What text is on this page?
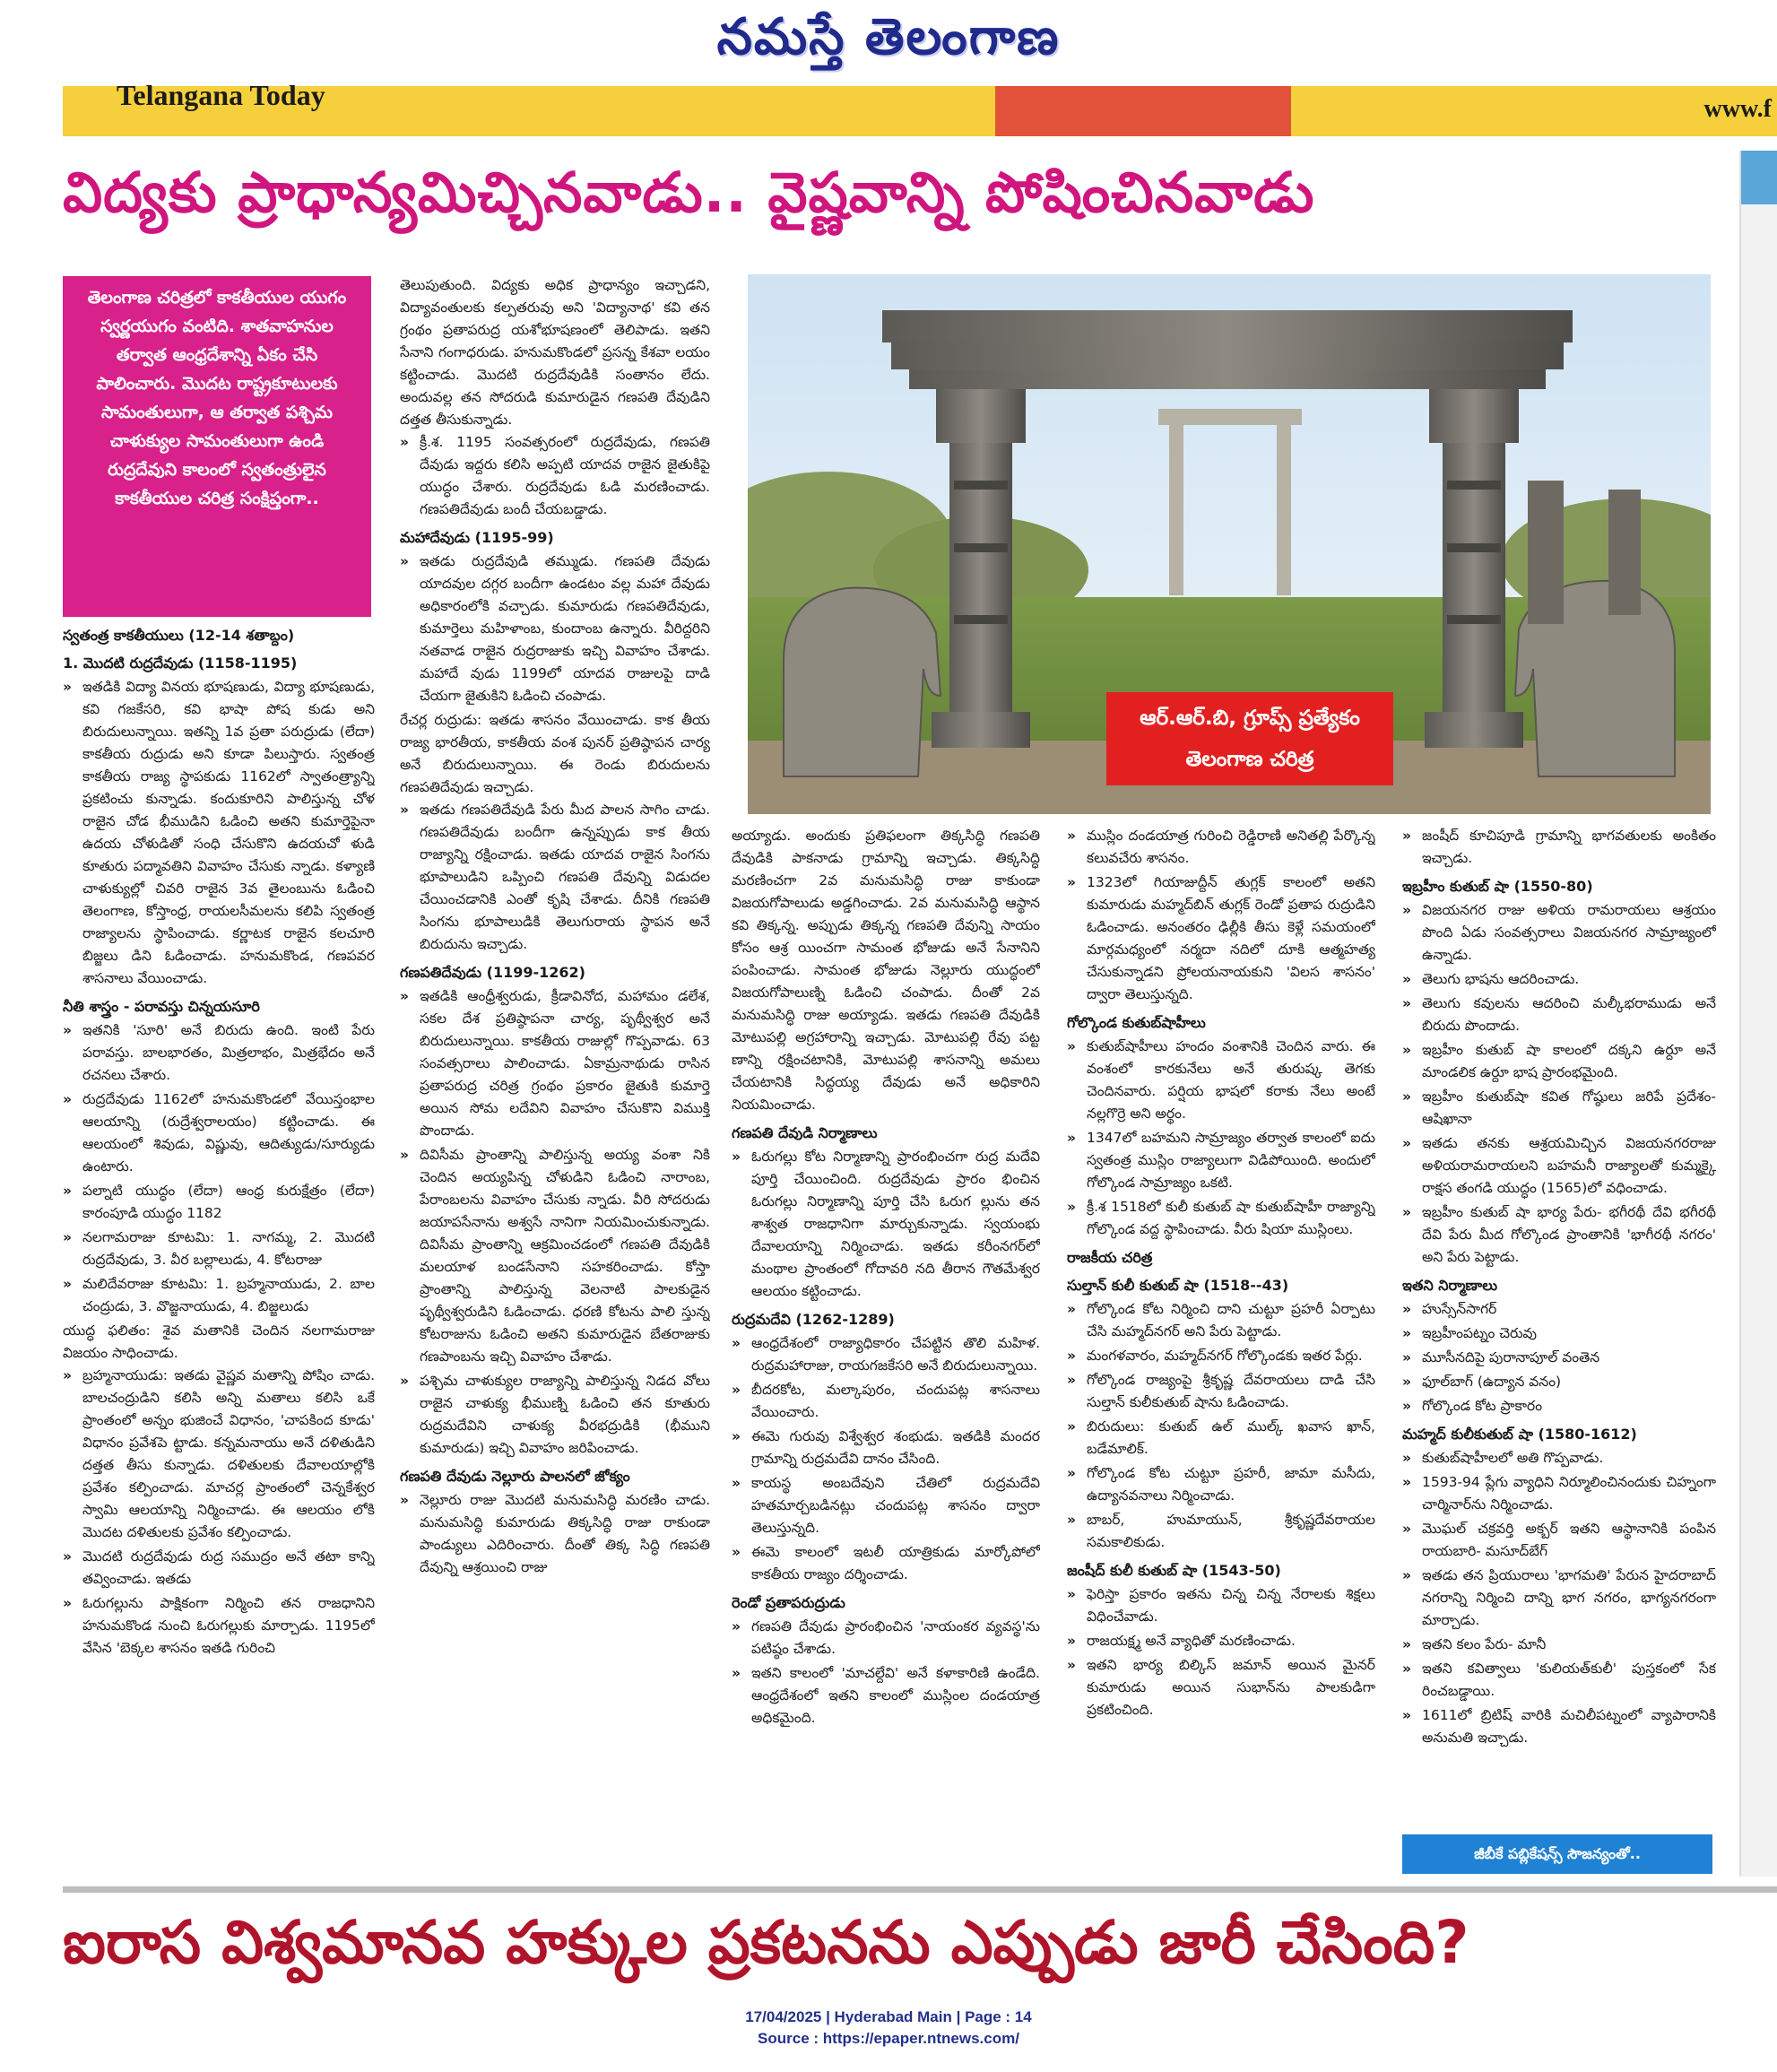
నమస్తే తెలంగాణ
Telangana Today	www.f
విద్యకు ప్రాధాన్యమిచ్చినవాడు.. వైష్ణవాన్ని పోషించినవాడు
తెలంగాణ చరిత్రలో కాకతీయుల యుగం స్వర్ణయుగం వంటిది. శాతవాహనుల తర్వాత ఆంధ్రదేశాన్ని ఏకం చేసి పాలించారు. మొదట రాష్ట్రకూటులకు సామంతులుగా, ఆ తర్వాత పశ్చిమ చాళుక్యుల సామంతులుగా ఉండి రుద్రదేవుని కాలంలో స్వతంత్రులైన కాకతీయుల చరిత్ర సంక్షిప్తంగా..
స్వతంత్ర కాకతీయులు (12-14 శతాబ్దం)
1. మొదటి రుద్రదేవుడు (1158-1195)
» ఇతడికి విద్యా వినయ భూషణుడు, విద్యా భూషణుడు, కవి గజకేసరి, కవి భాషా పోష కుడు అని బిరుదులున్నాయి. ఇతన్ని 1వ ప్రతా పరుద్రుడు (లేదా) కాకతీయ రుద్రుడు అని కూడా పిలుస్తారు. స్వతంత్ర కాకతీయ రాజ్య స్థాపకుడు 1162లో స్వాతంత్ర్యాన్ని ప్రకటించు కున్నాడు. కందుకూరిని పాలిస్తున్న చోళ రాజైన చోడ భీముడిని ఓడించి అతని కుమార్తెపైనా ఉదయ చోళుడితో సంధి చేసుకొని ఉదయచో ళుడి కూతురు పద్మావతిని వివాహం చేసుకు న్నాడు. కళ్యాణి చాళుక్యుల్లో చివరి రాజైన 3వ తైలంబును ఓడించి తెలంగాణ, కోస్తాంధ్ర, రాయలసీమలను కలిపి స్వతంత్ర రాజ్యాలను స్థాపించాడు. కర్ణాటక రాజైన కలచూరి బిజ్జలు డిని ఓడించాడు. హనుమకొండ, గణపవర శాసనాలు వేయించాడు.
నీతి శాస్త్రం - పరావస్తు చిన్నయసూరి
» ఇతనికి 'సూరి' అనే బిరుదు ఉంది. ఇంటి పేరు పరావస్తు. బాలభారతం, మిత్రలాభం, మిత్రభేదం అనే రచనలు చేశారు.
» రుద్రదేవుడు 1162లో హనుమకొండలో వేయిస్తంభాల ఆలయాన్ని (రుద్రేశ్వరాలయం) కట్టించాడు. ఈ ఆలయంలో శివుడు, విష్ణువు, ఆదిత్యుడు/సూర్యుడు ఉంటారు.
» పల్నాటి యుద్ధం (లేదా) ఆంధ్ర కురుక్షేత్రం (లేదా) కారంపూడి యుద్ధం 1182
» నలగామరాజు కూటమి: 1. నాగమ్మ, 2. మొదటి రుద్రదేవుడు, 3. వీర బల్లాలుడు, 4. కోటరాజు
» మలిదేవరాజు కూటమి: 1. బ్రహ్మనాయుడు, 2. బాల చంద్రుడు, 3. వొజ్జనాయుడు, 4. బిజ్జలుడు
యుద్ధ ఫలితం: శైవ మతానికి చెందిన నలగామరాజు విజయం సాధించాడు.
» బ్రహ్మనాయుడు: ఇతడు వైష్ణవ మతాన్ని పోషిం చాడు. బాలచంద్రుడిని కలిసి అన్ని మతాలు కలిసి ఒకే ప్రాంతంలో అన్నం భుజించే విధానం, 'చాపకింద కూడు' విధానం ప్రవేశపె ట్టాడు. కన్నమనాయు అనే దళితుడిని దత్తత తీసు కున్నాడు. దళితులకు దేవాలయాల్లోకి ప్రవేశం కల్పించాడు. మాచర్ల ప్రాంతంలో చెన్నకేశ్వర స్వామి ఆలయాన్ని నిర్మించాడు. ఈ ఆలయం లోకి మొదట దళితులకు ప్రవేశం కల్పించాడు.
» మొదటి రుద్రదేవుడు రుద్ర సముద్రం అనే తటా కాన్ని తవ్వించాడు. ఇతడు
» ఓరుగల్లును పాక్షికంగా నిర్మించి తన రాజధానిని హనుమకొండ నుంచి ఓరుగల్లుకు మార్చాడు. 1195లో వేసిన 'బెక్కల శాసనం ఇతడి గురించి
తెలుపుతుంది. విద్యకు అధిక ప్రాధాన్యం ఇచ్చాడని, విద్యావంతులకు కల్పతరువు అని 'విద్యానాథ' కవి తన గ్రంథం ప్రతాపరుద్ర యశోభూషణంలో తెలిపాడు. ఇతని సేనాని గంగాధరుడు. హనుమకొండలో ప్రసన్న కేశవా లయం కట్టించాడు. మొదటి రుద్రదేవుడికి సంతానం లేదు. అందువల్ల తన సోదరుడి కుమారుడైన గణపతి దేవుడిని దత్తత తీసుకున్నాడు.
» క్రీ.శ. 1195 సంవత్సరంలో రుద్రదేవుడు, గణపతి దేవుడు ఇద్దరు కలిసి అప్పటి యాదవ రాజైన జైతుకిపై యుద్ధం చేశారు. రుద్రదేవుడు ఓడి మరణించాడు. గణపతిదేవుడు బందీ చేయబడ్డాడు.
మహాదేవుడు (1195-99)
» ఇతడు రుద్రదేవుడి తమ్ముడు. గణపతి దేవుడు యాదవుల దగ్గర బందీగా ఉండటం వల్ల మహా దేవుడు అధికారంలోకి వచ్చాడు. కుమారుడు గణపతిదేవుడు, కుమార్తెలు మహిళాంబ, కుందాంబ ఉన్నారు. వీరిద్దరిని నతవాడ రాజైన రుద్రరాజుకు ఇచ్చి వివాహం చేశాడు. మహాదే వుడు 1199లో యాదవ రాజులపై దాడి చేయగా జైతుకిని ఓడించి చంపాడు.
రేచర్ల రుద్రుడు: ఇతడు శాసనం వేయించాడు. కాక తీయ రాజ్య భారతీయ, కాకతీయ వంశ పునర్ ప్రతిష్ఠాపన చార్య అనే బిరుదులున్నాయి. ఈ రెండు బిరుదులను గణపతిదేవుడు ఇచ్చాడు.
» ఇతడు గణపతిదేవుడి పేరు మీద పాలన సాగిం చాడు. గణపతిదేవుడు బందీగా ఉన్నప్పుడు కాక తీయ రాజ్యాన్ని రక్షించాడు. ఇతడు యాదవ రాజైన సింగను భూపాలుడిని ఒప్పించి గణపతి దేవున్ని విడుదల చేయించడానికి ఎంతో కృషి చేశాడు. దీనికి గణపతి సింగను భూపాలుడికి తెలుగురాయ స్థాపన అనే బిరుదును ఇచ్చాడు.
గణపతిదేవుడు (1199-1262)
» ఇతడికి ఆంధ్రీశ్వరుడు, క్రీడావినోద, మహామం డలేశ, సకల దేశ ప్రతిష్ఠాపనా చార్య, పృథ్వీశ్వర అనే బిరుదులున్నాయి. కాకతీయ రాజుల్లో గొప్పవాడు. 63 సంవత్సరాలు పాలించాడు. ఏకామ్రనాథుడు రాసిన ప్రతాపరుద్ర చరిత్ర గ్రంథం ప్రకారం జైతుకి కుమార్తె అయిన సోమ లదేవిని వివాహం చేసుకొని విముక్తి పొందాడు.
» దివిసీమ ప్రాంతాన్ని పాలిస్తున్న అయ్య వంశా నికి చెందిన అయ్యపిన్న చోళుడిని ఓడించి నారాంబ, పేరాంబలను వివాహం చేసుకు న్నాడు. వీరి సోదరుడు జయాపసేనాను అశ్వసే నానిగా నియమించుకున్నాడు. దివిసీమ ప్రాంతాన్ని ఆక్రమించడంలో గణపతి దేవుడికి మలయాళ బండసేనాని సహకరించాడు. కోస్తా ప్రాంతాన్ని పాలిస్తున్న వెలనాటి పాలకుడైన పృథ్వీశ్వరుడిని ఓడించాడు. ధరణి కోటను పాలి స్తున్న కోటరాజును ఓడించి అతని కుమారుడైన బేతరాజుకు గణపాంబను ఇచ్చి వివాహం చేశాడు.
» పశ్చిమ చాళుక్యుల రాజ్యాన్ని పాలిస్తున్న నిడద వోలు రాజైన చాళుక్య భీముణ్ని ఓడించి తన కూతురు రుద్రమదేవిని చాళుక్య వీరభద్రుడికి (భీముని కుమారుడు) ఇచ్చి వివాహం జరిపించాడు.
గణపతి దేవుడు నెల్లూరు పాలనలో జోక్యం
» నెల్లూరు రాజు మొదటి మనుమసిద్ధి మరణిం చాడు. మనుమసిద్ధి కుమారుడు తిక్కసిద్ధి రాజు రాకుండా పాండ్యులు ఎదిరించారు. దీంతో తిక్క సిద్ధి గణపతి దేవున్ని ఆశ్రయించి రాజు
ఆర్.ఆర్.బి, గ్రూప్స్ ప్రత్యేకం
తెలంగాణ చరిత్ర
అయ్యాడు. అందుకు ప్రతిఫలంగా తిక్కసిద్ధి గణపతి దేవుడికి పాకనాడు గ్రామాన్ని ఇచ్చాడు. తిక్కసిద్ధి మరణించగా 2వ మనుమసిద్ధి రాజు కాకుండా విజయగోపాలుడు అడ్డగించాడు. 2వ మనుమసిద్ధి ఆస్థాన కవి తిక్కన్న. అప్పుడు తిక్కన్న గణపతి దేవున్ని సాయం కోసం ఆశ్ర యించగా సామంత భోజుడు అనే సేనానిని పంపించాడు. సామంత భోజుడు నెల్లూరు యుద్ధంలో విజయగోపాలుణ్ని ఓడించి చంపాడు. దీంతో 2వ మనుమసిద్ధి రాజు అయ్యాడు. ఇతడు గణపతి దేవుడికి మోటుపల్లి అగ్రహారాన్ని ఇచ్చాడు. మోటుపల్లి రేవు పట్ట ణాన్ని రక్షించటానికి, మోటుపల్లి శాసనాన్ని అమలు చేయటానికి సిద్ధయ్య దేవుడు అనే అధికారిని నియమించాడు.
గణపతి దేవుడి నిర్మాణాలు
» ఓరుగల్లు కోట నిర్మాణాన్ని ప్రారంభించగా రుద్ర మదేవి పూర్తి చేయించింది. రుద్రదేవుడు ప్రారం భించిన ఓరుగల్లు నిర్మాణాన్ని పూర్తి చేసి ఓరుగ ల్లును తన శాశ్వత రాజధానిగా మార్చుకున్నాడు. స్వయంభు దేవాలయాన్ని నిర్మించాడు. ఇతడు కరీంనగర్‌లో మంథాల ప్రాంతంలో గోదావరి నది తీరాన గౌతమేశ్వర ఆలయం కట్టించాడు.
రుద్రమదేవి (1262-1289)
» ఆంధ్రదేశంలో రాజ్యాధికారం చేపట్టిన తొలి మహిళ. రుద్రమహారాజు, రాయగజకేసరి అనే బిరుదులున్నాయి.
» బీదరకోట, మల్కాపురం, చందుపట్ల శాసనాలు వేయించారు.
» ఈమె గురువు విశ్వేశ్వర శంభుడు. ఇతడికి మందర గ్రామాన్ని రుద్రమదేవి దానం చేసింది.
» కాయస్థ అంబదేవుని చేతిలో రుద్రమదేవి హతమార్చబడినట్లు చందుపట్ల శాసనం ద్వారా తెలుస్తున్నది.
» ఈమె కాలంలో ఇటలీ యాత్రికుడు మార్కోపోలో కాకతీయ రాజ్యం దర్శించాడు.
రెండో ప్రతాపరుద్రుడు
» గణపతి దేవుడు ప్రారంభించిన 'నాయంకర వ్యవస్థ'ను పటిష్ఠం చేశాడు.
» ఇతని కాలంలో 'మాచల్దేవి' అనే కళాకారిణి ఉండేది. ఆంధ్రదేశంలో ఇతని కాలంలో ముస్లింల దండయాత్ర అధికమైంది.
» ముస్లిం దండయాత్ర గురించి రెడ్డిరాణి అనితల్లి పేర్కొన్న కలువచేరు శాసనం.
» 1323లో గియాజుద్దీన్ తుగ్లక్ కాలంలో అతని కుమారుడు మహ్మద్‌బిన్ తుగ్లక్ రెండో ప్రతాప రుద్రుడిని ఓడించాడు. అనంతరం ఢిల్లీకి తీసు కెళ్లే సమయంలో మార్గమధ్యంలో నర్మదా నదిలో దూకి ఆత్మహత్య చేసుకున్నాడని ప్రోలయనాయకుని 'విలస శాసనం' ద్వారా తెలుస్తున్నది.
గోల్కొండ కుతుబ్‌షాహీలు
» కుతుబ్‌షాహీలు హందం వంశానికి చెందిన వారు. ఈ వంశంలో కారకునేలు అనే తురుష్క తెగకు చెందినవారు. పర్షియ భాషలో కరాకు నేలు అంటే నల్లగొర్రె అని అర్థం.
» 1347లో బహమని సామ్రాజ్యం తర్వాత కాలంలో ఐదు స్వతంత్ర ముస్లిం రాజ్యాలుగా విడిపోయింది. అందులో గోల్కొండ సామ్రాజ్యం ఒకటి.
» క్రీ.శ 1518లో కులీ కుతుబ్ షా కుతుబ్‌షాహీ రాజ్యాన్ని గోల్కొండ వద్ద స్థాపించాడు. వీరు షియా ముస్లింలు.
రాజకీయ చరిత్ర
సుల్తాన్ కులీ కుతుబ్ షా (1518--43)
» గోల్కొండ కోట నిర్మించి దాని చుట్టూ ప్రహరీ ఏర్పాటు చేసి మహ్మద్‌నగర్ అని పేరు పెట్టాడు.
» మంగళవారం, మహ్మద్‌నగర్ గోల్కొండకు ఇతర పేర్లు.
» గోల్కొండ రాజ్యంపై శ్రీకృష్ణ దేవరాయలు దాడి చేసి సుల్తాన్ కులీకుతుబ్ షాను ఓడించాడు.
» బిరుదులు: కుతుబ్ ఉల్ ముల్క్ ఖవాస ఖాన్, బడేమాలిక్.
» గోల్కొండ కోట చుట్టూ ప్రహరీ, జామా మసీదు, ఉద్యానవనాలు నిర్మించాడు.
» బాబర్, హుమాయున్, శ్రీకృష్ణదేవరాయల సమకాలికుడు.
జంషీద్ కులీ కుతుబ్ షా (1543-50)
» ఫెరిస్తా ప్రకారం ఇతను చిన్న చిన్న నేరాలకు శిక్షలు విధించేవాడు.
» రాజయక్ష్మ అనే వ్యాధితో మరణించాడు.
» ఇతని భార్య బిల్కిస్ జమాన్ అయిన మైనర్ కుమారుడు అయిన సుభాన్‌ను పాలకుడిగా ప్రకటించింది.
» జంషీద్ కూచిపూడి గ్రామాన్ని భాగవతులకు అంకితం ఇచ్చాడు.
ఇబ్రహీం కుతుబ్ షా (1550-80)
» విజయనగర రాజు అళియ రామరాయలు ఆశ్రయం పొంది ఏడు సంవత్సరాలు విజయనగర సామ్రాజ్యంలో ఉన్నాడు.
» తెలుగు భాషను ఆదరించాడు.
» తెలుగు కవులను ఆదరించి మల్కీభరాముడు అనే బిరుదు పొందాడు.
» ఇబ్రహీం కుతుబ్ షా కాలంలో దక్కని ఉర్దూ అనే మాండలిక ఉర్దూ భాష ప్రారంభమైంది.
» ఇబ్రహీం కుతుబ్‌షా కవిత గోష్ఠులు జరిపే ప్రదేశం- ఆషిఖానా
» ఇతడు తనకు ఆశ్రయమిచ్చిన విజయనగరరాజు అళియరామరాయలని బహమనీ రాజ్యాలతో కుమ్మక్కై రాక్షస తంగడి యుద్ధం (1565)లో వధించాడు.
» ఇబ్రహీం కుతుబ్ షా భార్య పేరు- భగీరథీ దేవి భగీరథీ దేవి పేరు మీద గోల్కొండ ప్రాంతానికి 'భాగీరథీ నగరం' అని పేరు పెట్టాడు.
ఇతని నిర్మాణాలు
» హుస్సేన్‌సాగర్
» ఇబ్రహీంపట్నం చెరువు
» మూసీనదిపై పురానాపూల్ వంతెన
» ఫూల్‌బాగ్ (ఉద్యాన వనం)
» గోల్కొండ కోట ప్రాకారం
మహ్మద్ కులీకుతుబ్ షా (1580-1612)
» కుతుబ్‌షాహీలలో అతి గొప్పవాడు.
» 1593-94 ప్లేగు వ్యాధిని నిర్మూలించినందుకు చిహ్నంగా చార్మినార్‌ను నిర్మించాడు.
» మొఘల్ చక్రవర్తి అక్బర్ ఇతని ఆస్థానానికి పంపిన రాయబారి- మసూద్‌బేగ్
» ఇతడు తన ప్రియురాలు 'భాగమతి' పేరున హైదరాబాద్ నగరాన్ని నిర్మించి దాన్ని భాగ నగరం, భాగ్యనగరంగా మార్చాడు.
» ఇతని కలం పేరు- మానీ
» ఇతని కవిత్వాలు 'కులియత్‌కులీ' పుస్తకంలో సేక రించబడ్డాయి.
» 1611లో బ్రిటిష్ వారికి మచిలీపట్నంలో వ్యాపారానికి అనుమతి ఇచ్చాడు.
జీబీకే పబ్లికేషన్స్ సౌజన్యంతో..
ఐరాస విశ్వమానవ హక్కుల ప్రకటనను ఎప్పుడు జారీ చేసింది?
17/04/2025 | Hyderabad Main | Page : 14
Source : https://epaper.ntnews.com/
